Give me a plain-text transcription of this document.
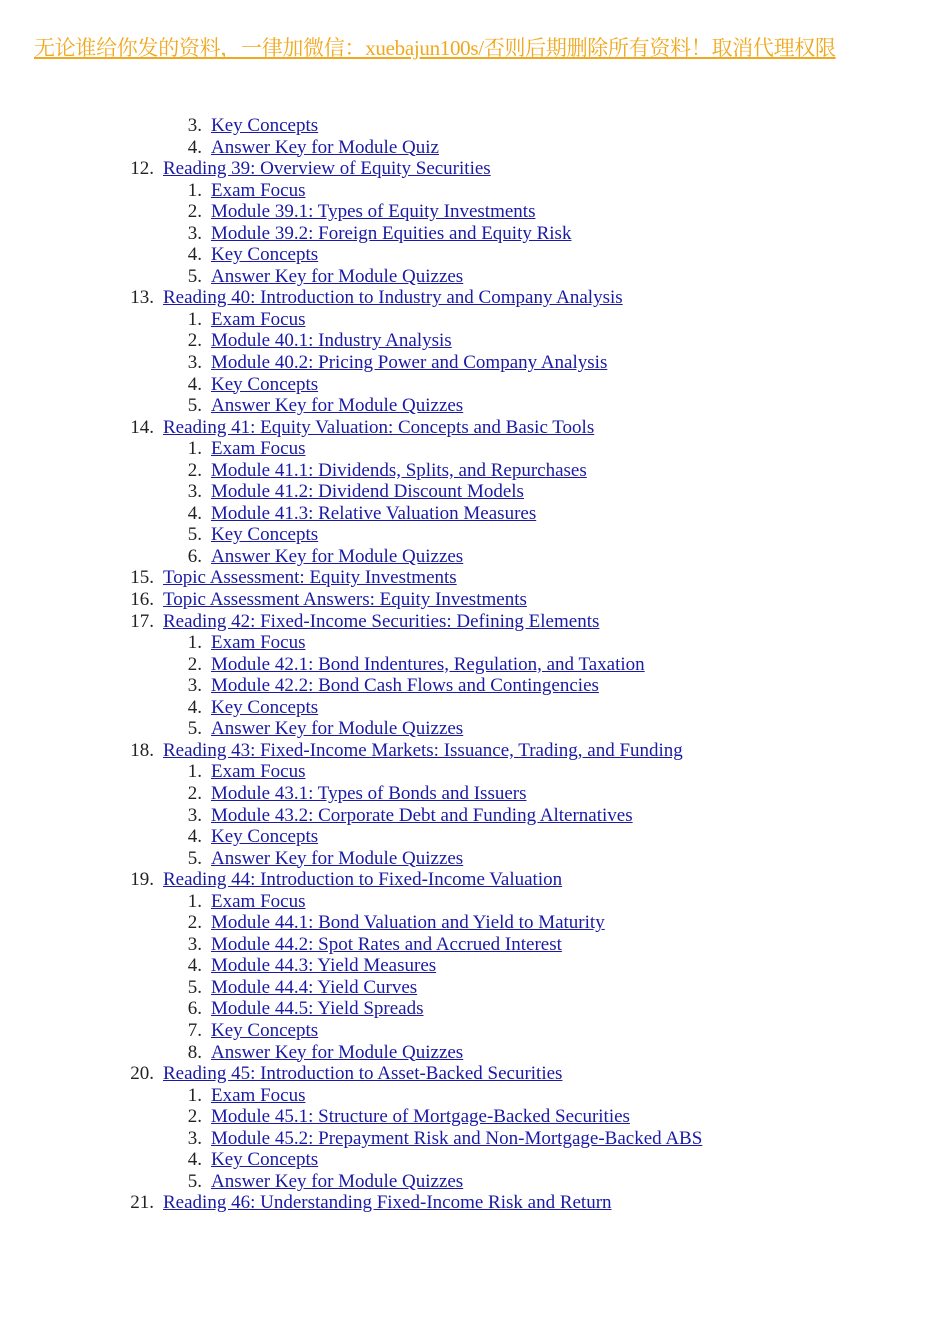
无论谁给你发的资料，一律加微信：xuebajun100s/否则后期删除所有资料！取消代理权限
3. Key Concepts
4. Answer Key for Module Quiz
12. Reading 39: Overview of Equity Securities
1. Exam Focus
2. Module 39.1: Types of Equity Investments
3. Module 39.2: Foreign Equities and Equity Risk
4. Key Concepts
5. Answer Key for Module Quizzes
13. Reading 40: Introduction to Industry and Company Analysis
1. Exam Focus
2. Module 40.1: Industry Analysis
3. Module 40.2: Pricing Power and Company Analysis
4. Key Concepts
5. Answer Key for Module Quizzes
14. Reading 41: Equity Valuation: Concepts and Basic Tools
1. Exam Focus
2. Module 41.1: Dividends, Splits, and Repurchases
3. Module 41.2: Dividend Discount Models
4. Module 41.3: Relative Valuation Measures
5. Key Concepts
6. Answer Key for Module Quizzes
15. Topic Assessment: Equity Investments
16. Topic Assessment Answers: Equity Investments
17. Reading 42: Fixed-Income Securities: Defining Elements
1. Exam Focus
2. Module 42.1: Bond Indentures, Regulation, and Taxation
3. Module 42.2: Bond Cash Flows and Contingencies
4. Key Concepts
5. Answer Key for Module Quizzes
18. Reading 43: Fixed-Income Markets: Issuance, Trading, and Funding
1. Exam Focus
2. Module 43.1: Types of Bonds and Issuers
3. Module 43.2: Corporate Debt and Funding Alternatives
4. Key Concepts
5. Answer Key for Module Quizzes
19. Reading 44: Introduction to Fixed-Income Valuation
1. Exam Focus
2. Module 44.1: Bond Valuation and Yield to Maturity
3. Module 44.2: Spot Rates and Accrued Interest
4. Module 44.3: Yield Measures
5. Module 44.4: Yield Curves
6. Module 44.5: Yield Spreads
7. Key Concepts
8. Answer Key for Module Quizzes
20. Reading 45: Introduction to Asset-Backed Securities
1. Exam Focus
2. Module 45.1: Structure of Mortgage-Backed Securities
3. Module 45.2: Prepayment Risk and Non-Mortgage-Backed ABS
4. Key Concepts
5. Answer Key for Module Quizzes
21. Reading 46: Understanding Fixed-Income Risk and Return
